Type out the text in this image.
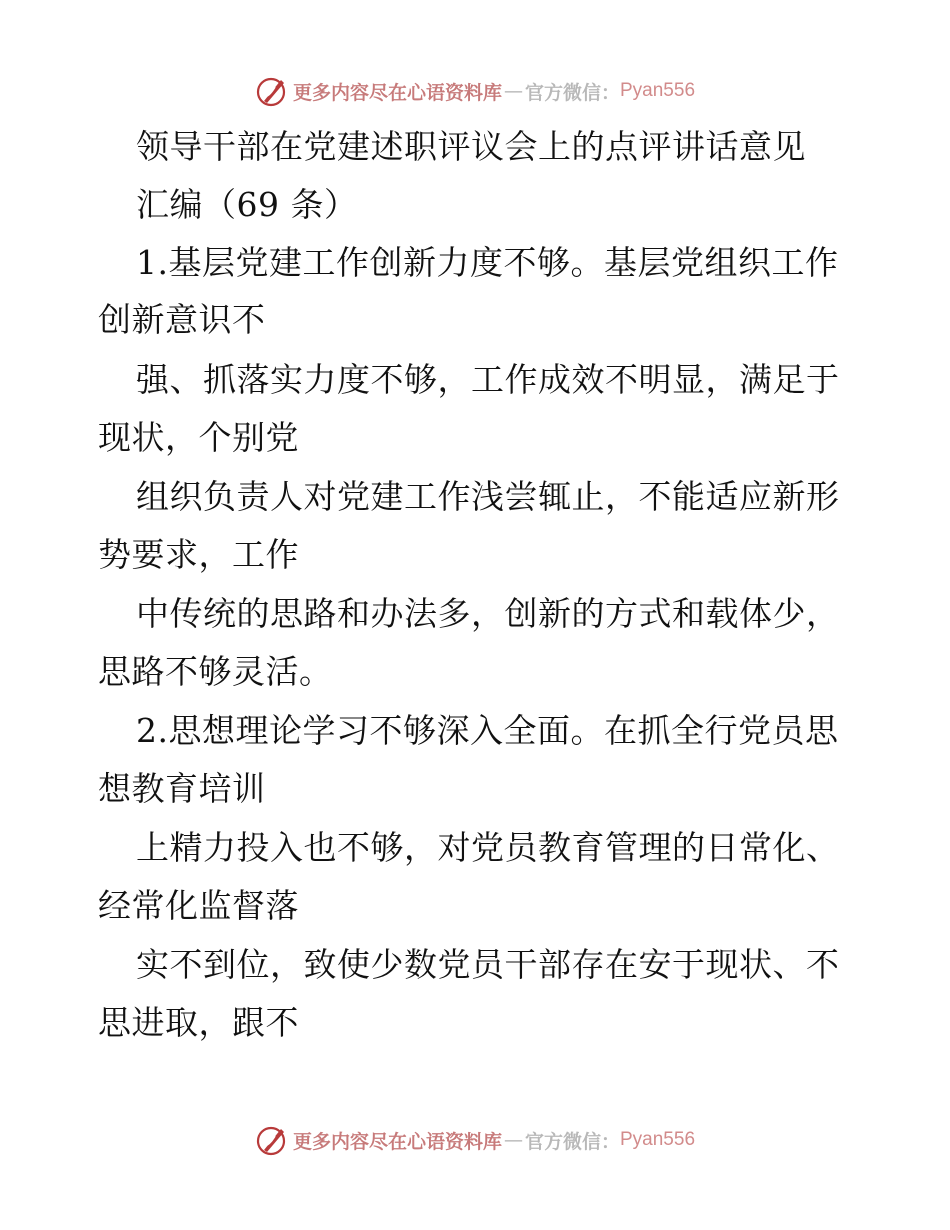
更多内容尽在心语资料库 — 官方微信： Pyan556
领导干部在党建述职评议会上的点评讲话意见
汇编（69 条）
1.基层党建工作创新力度不够。基层党组织工作
创新意识不
强、抓落实力度不够，工作成效不明显，满足于
现状，个别党
组织负责人对党建工作浅尝辄止，不能适应新形
势要求，工作
中传统的思路和办法多，创新的方式和载体少，
思路不够灵活。
2.思想理论学习不够深入全面。在抓全行党员思
想教育培训
上精力投入也不够，对党员教育管理的日常化、
经常化监督落
实不到位，致使少数党员干部存在安于现状、不
思进取，跟不
更多内容尽在心语资料库 — 官方微信： Pyan556
